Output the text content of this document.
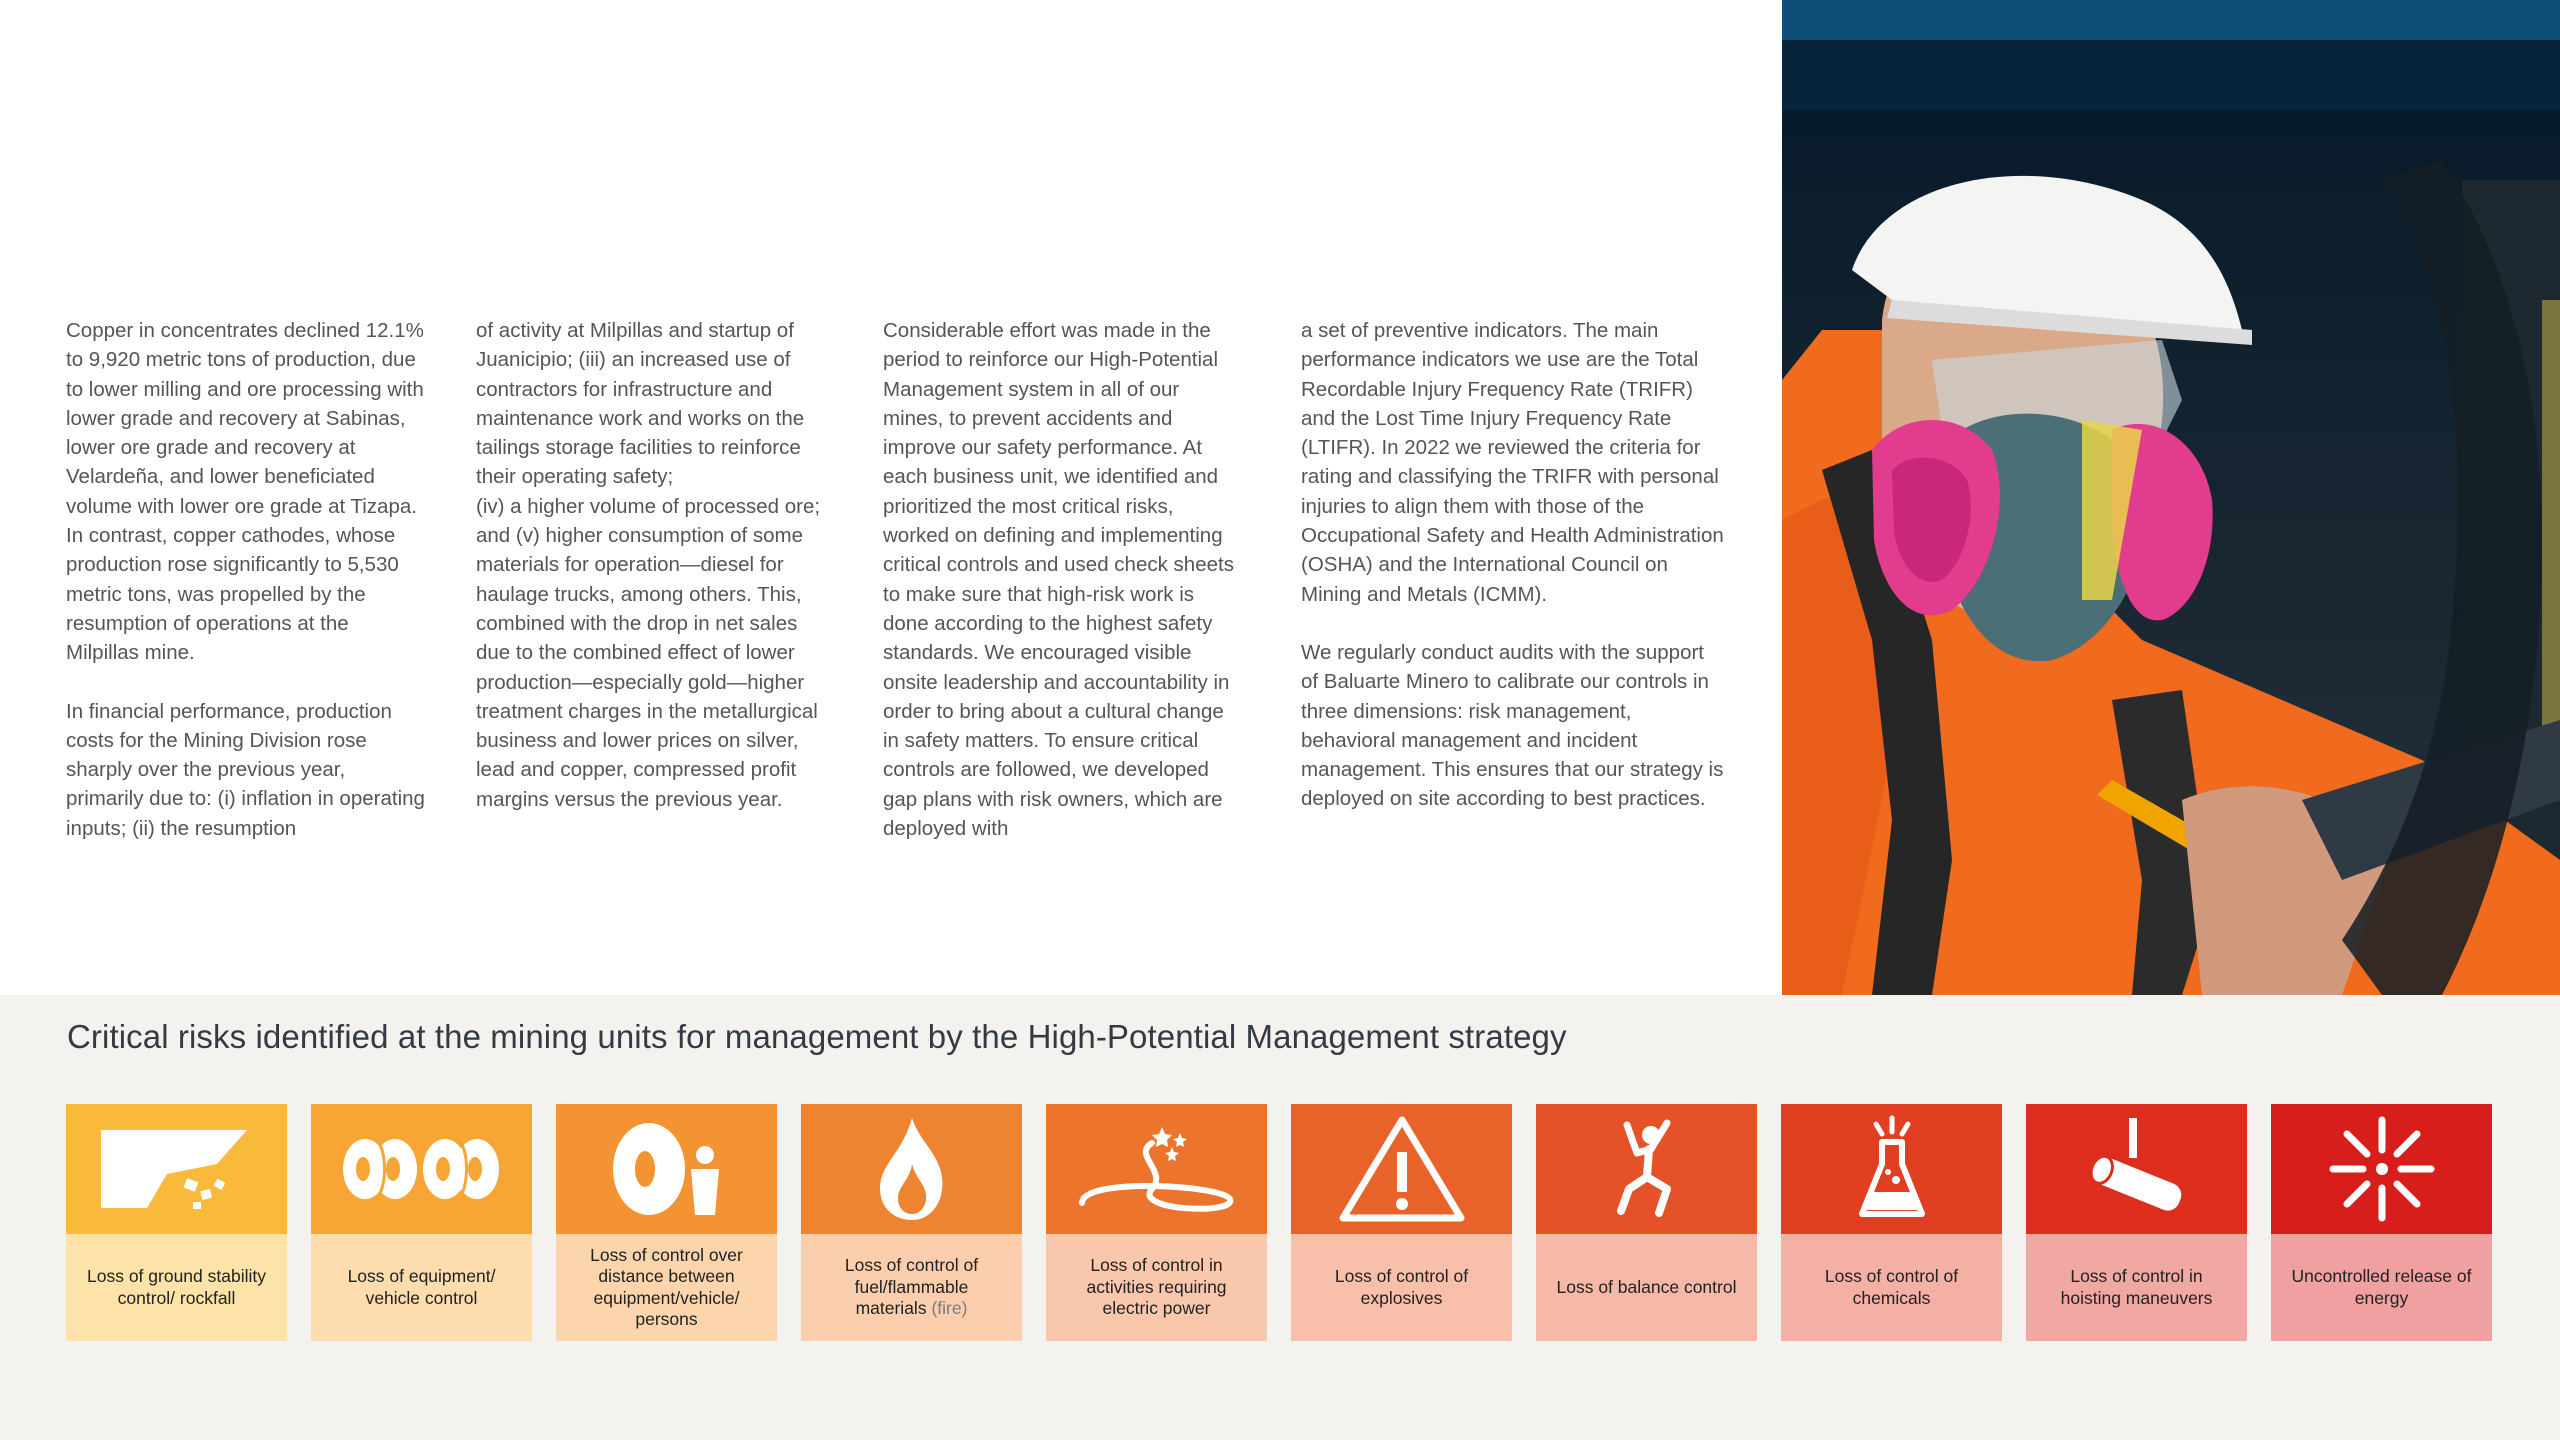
Copper in concentrates declined 12.1% to 9,920 metric tons of production, due to lower milling and ore processing with lower grade and recovery at Sabinas, lower ore grade and recovery at Velardeña, and lower beneficiated volume with lower ore grade at Tizapa. In contrast, copper cathodes, whose production rose significantly to 5,530 metric tons, was propelled by the resumption of operations at the Milpillas mine.

In financial performance, production costs for the Mining Division rose sharply over the previous year, primarily due to: (i) inflation in operating inputs; (ii) the resumption

of activity at Milpillas and startup of Juanicipio; (iii) an increased use of contractors for infrastructure and maintenance work and works on the tailings storage facilities to reinforce their operating safety;

(iv) a higher volume of processed ore; and (v) higher consumption of some materials for operation—diesel for haulage trucks, among others. This, combined with the drop in net sales due to the combined effect of lower production—especially gold—higher treatment charges in the metallurgical business and lower prices on silver, lead and copper, compressed profit margins versus the previous year.

Considerable effort was made in the period to reinforce our High-Potential Management system in all of our mines, to prevent accidents and improve our safety performance. At each business unit, we identified and prioritized the most critical risks, worked on defining and implementing critical controls and used check sheets to make sure that high-risk work is done according to the highest safety standards. We encouraged visible onsite leadership and accountability in order to bring about a cultural change in safety matters. To ensure critical controls are followed, we developed gap plans with risk owners, which are deployed with

a set of preventive indicators. The main performance indicators we use are the Total Recordable Injury Frequency Rate (TRIFR) and the Lost Time Injury Frequency Rate (LTIFR). In 2022 we reviewed the criteria for rating and classifying the TRIFR with personal injuries to align them with those of the Occupational Safety and Health Administration (OSHA) and the International Council on Mining and Metals (ICMM).

We regularly conduct audits with the support of Baluarte Minero to calibrate our controls in three dimensions: risk management, behavioral management and incident management. This ensures that our strategy is deployed on site according to best practices.

Critical risks identified at the mining units for management by the High-Potential Management strategy
Loss of ground stability control/ rockfall
Loss of equipment/ vehicle control
Loss of control over distance between equipment/vehicle/ persons
Loss of control of fuel/flammable materials (fire)
Loss of control in activities requiring electric power
Loss of control of explosives
Loss of balance control
Loss of control of chemicals
Loss of control in hoisting maneuvers
Uncontrolled release of energy
